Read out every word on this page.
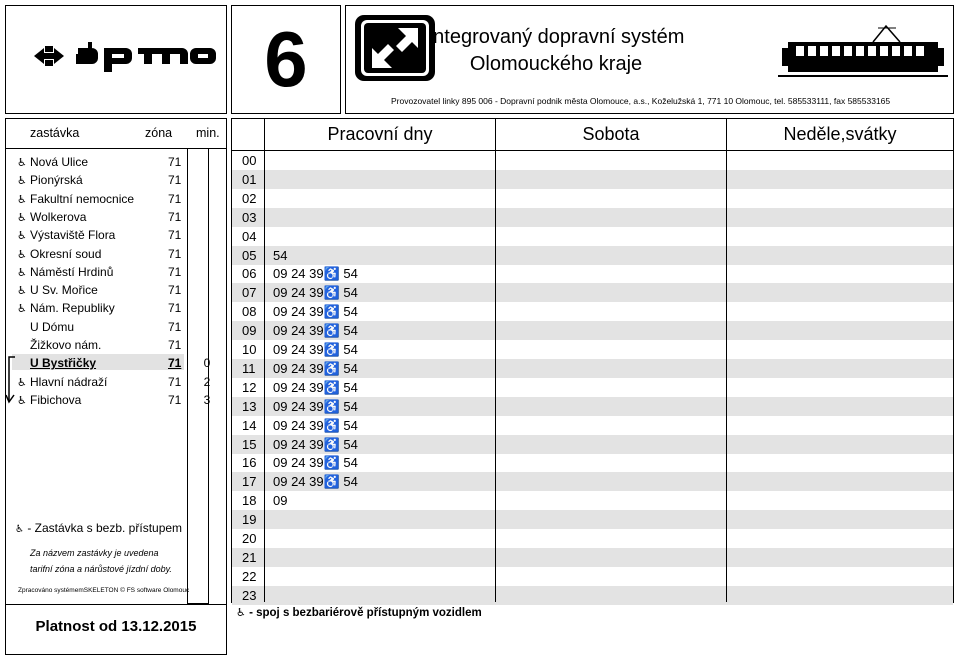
6	Integrovaný dopravní systém
Olomouckého kraje
Provozovatel linky 895 006 - Dopravní podnik města Olomouce, a.s., Koželužská 1, 771 10 Olomouc, tel. 585533111, fax 585533165
zastávka	zóna min.
♿ Nová Ulice	71
♿ Pionýrská	71
♿ Fakultní nemocnice	71
♿ Wolkerova	71
♿ Výstaviště Flora	71
♿ Okresní soud	71
♿ Náměstí Hrdinů	71
♿ U Sv. Mořice	71
♿ Nám. Republiky	71
U Dómu	71
Žižkovo nám.	71
U Bystřičky	71 0
♿ Hlavní nádraží	71 2
♿ Fibichova	71 3
♿ - Zastávka s bezb. přístupem
Za názvem zastávky je uvedena
tarifní zóna a nárůstové jízdní doby.
Zpracováno systémemSKELETON © FS software Olomouc
Platnost od 13.12.2015
00
01
02
03
04
05 54
06 09 24 39♿ 54
07 09 24 39♿ 54
08 09 24 39♿ 54
09 09 24 39♿ 54
10 09 24 39♿ 54
11 09 24 39♿ 54
12 09 24 39♿ 54
13 09 24 39♿ 54
14 09 24 39♿ 54
15 09 24 39♿ 54
16 09 24 39♿ 54
17 09 24 39♿ 54
18 09
19
20
21
22
23
Pracovní dny	Sobota	Neděle,svátky
♿ - spoj s bezbariérově přístupným vozidlem
